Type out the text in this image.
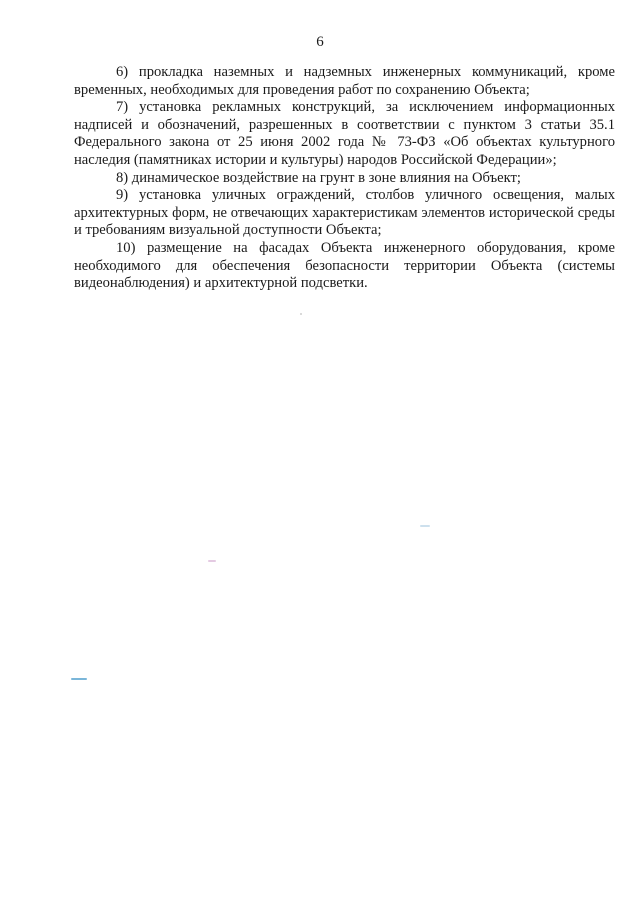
6

6) прокладка наземных и надземных инженерных коммуникаций, кроме временных, необходимых для проведения работ по сохранению Объекта;

7) установка рекламных конструкций, за исключением информационных надписей и обозначений, разрешенных в соответствии с пунктом 3 статьи 35.1 Федерального закона от 25 июня 2002 года № 73-ФЗ «Об объектах культурного наследия (памятниках истории и культуры) народов Российской Федерации»;

8) динамическое воздействие на грунт в зоне влияния на Объект;

9) установка уличных ограждений, столбов уличного освещения, малых архитектурных форм, не отвечающих характеристикам элементов исторической среды и требованиям визуальной доступности Объекта;

10) размещение на фасадах Объекта инженерного оборудования, кроме необходимого для обеспечения безопасности территории Объекта (системы видеонаблюдения) и архитектурной подсветки.
